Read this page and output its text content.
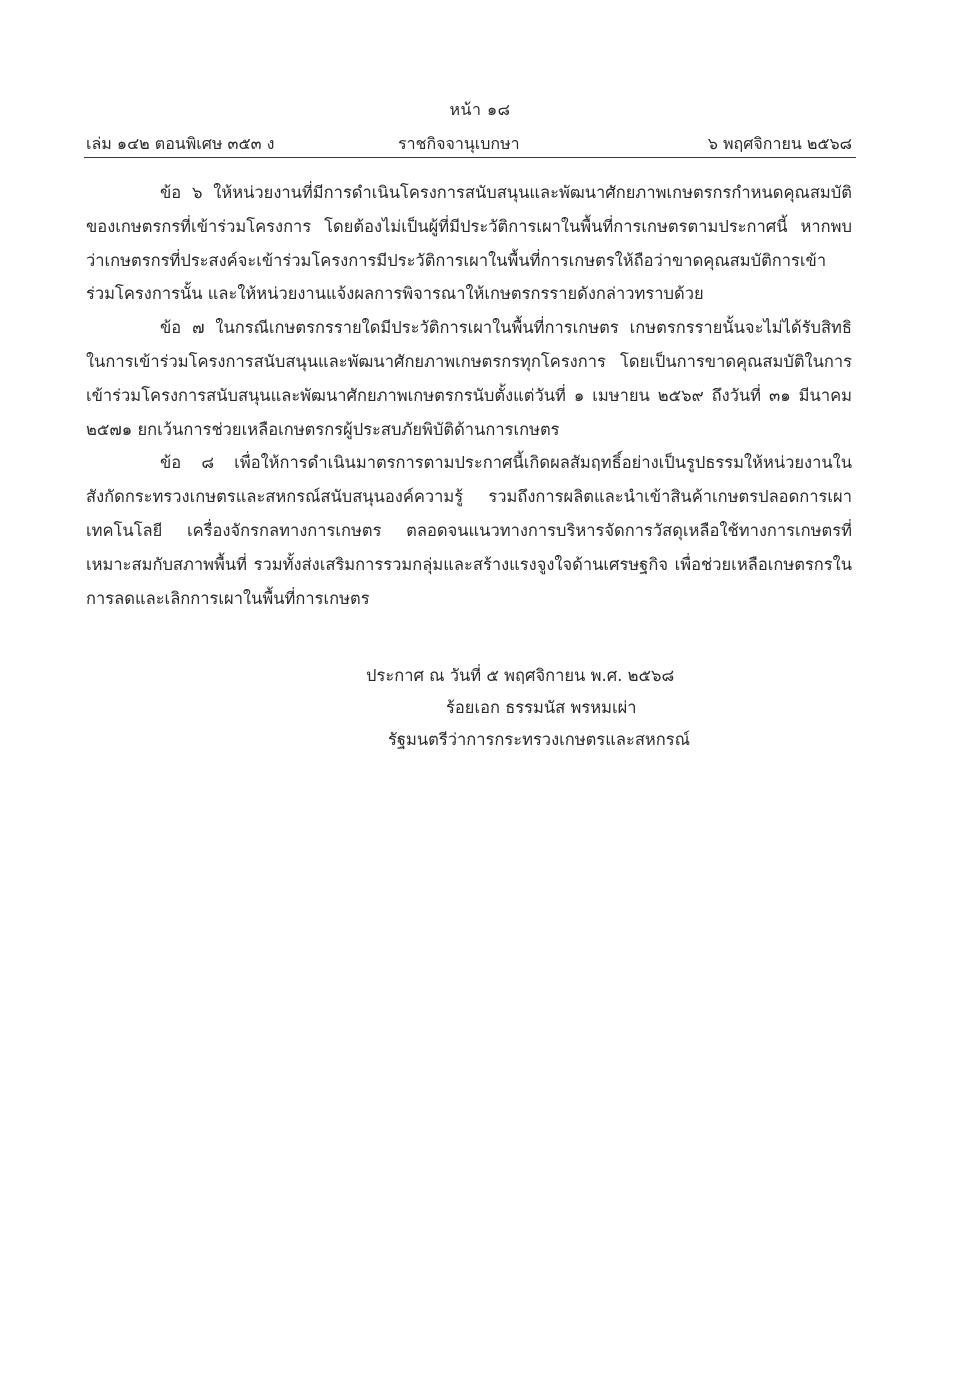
หน้า ๑๘
เล่ม ๑๔๒ ตอนพิเศษ ๓๕๓ ง	ราชกิจจานุเบกษา	๖ พฤศจิกายน ๒๕๖๘

ข้อ ๖ ให้หน่วยงานที่มีการดำเนินโครงการสนับสนุนและพัฒนาศักยภาพเกษตรกรกำหนดคุณสมบัติของเกษตรกรที่เข้าร่วมโครงการ โดยต้องไม่เป็นผู้ที่มีประวัติการเผาในพื้นที่การเกษตรตามประกาศนี้ หากพบว่าเกษตรกรที่ประสงค์จะเข้าร่วมโครงการมีประวัติการเผาในพื้นที่การเกษตรให้ถือว่าขาดคุณสมบัติการเข้าร่วมโครงการนั้น และให้หน่วยงานแจ้งผลการพิจารณาให้เกษตรกรรายดังกล่าวทราบด้วย

ข้อ ๗ ในกรณีเกษตรกรรายใดมีประวัติการเผาในพื้นที่การเกษตร เกษตรกรรายนั้นจะไม่ได้รับสิทธิในการเข้าร่วมโครงการสนับสนุนและพัฒนาศักยภาพเกษตรกรทุกโครงการ โดยเป็นการขาดคุณสมบัติในการเข้าร่วมโครงการสนับสนุนและพัฒนาศักยภาพเกษตรกรนับตั้งแต่วันที่ ๑ เมษายน ๒๕๖๙ ถึงวันที่ ๓๑ มีนาคม ๒๕๗๑ ยกเว้นการช่วยเหลือเกษตรกรผู้ประสบภัยพิบัติด้านการเกษตร

ข้อ ๘ เพื่อให้การดำเนินมาตรการตามประกาศนี้เกิดผลสัมฤทธิ์อย่างเป็นรูปธรรมให้หน่วยงานในสังกัดกระทรวงเกษตรและสหกรณ์สนับสนุนองค์ความรู้ รวมถึงการผลิตและนำเข้าสินค้าเกษตรปลอดการเผา เทคโนโลยี เครื่องจักรกลทางการเกษตร ตลอดจนแนวทางการบริหารจัดการวัสดุเหลือใช้ทางการเกษตรที่เหมาะสมกับสภาพพื้นที่ รวมทั้งส่งเสริมการรวมกลุ่มและสร้างแรงจูงใจด้านเศรษฐกิจ เพื่อช่วยเหลือเกษตรกรในการลดและเลิกการเผาในพื้นที่การเกษตร

ประกาศ ณ วันที่ ๕ พฤศจิกายน พ.ศ. ๒๕๖๘
ร้อยเอก ธรรมนัส พรหมเผ่า
รัฐมนตรีว่าการกระทรวงเกษตรและสหกรณ์
